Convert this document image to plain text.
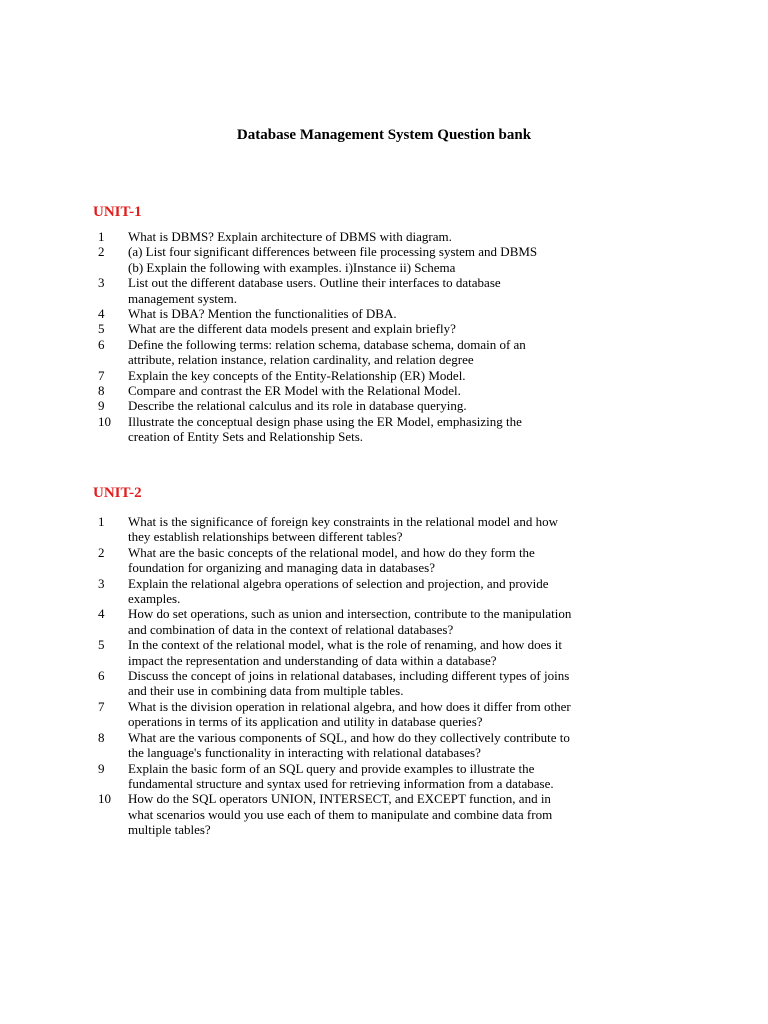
Database Management System Question bank
UNIT-1
1	What is DBMS? Explain architecture of DBMS with diagram.
2	(a) List four significant differences between file processing system and DBMS
(b) Explain the following with examples. i)Instance ii) Schema
3	List out the different database users. Outline their interfaces to database
management system.
4	What is DBA? Mention the functionalities of DBA.
5	What are the different data models present and explain briefly?
6	Define the following terms: relation schema, database schema, domain of an
attribute, relation instance, relation cardinality, and relation degree
7	Explain the key concepts of the Entity-Relationship (ER) Model.
8	Compare and contrast the ER Model with the Relational Model.
9	Describe the relational calculus and its role in database querying.
10	Illustrate the conceptual design phase using the ER Model, emphasizing the
creation of Entity Sets and Relationship Sets.
UNIT-2
1	What is the significance of foreign key constraints in the relational model and how
they establish relationships between different tables?
2	What are the basic concepts of the relational model, and how do they form the
foundation for organizing and managing data in databases?
3	Explain the relational algebra operations of selection and projection, and provide
examples.
4	How do set operations, such as union and intersection, contribute to the manipulation
and combination of data in the context of relational databases?
5	In the context of the relational model, what is the role of renaming, and how does it
impact the representation and understanding of data within a database?
6	Discuss the concept of joins in relational databases, including different types of joins
and their use in combining data from multiple tables.
7	What is the division operation in relational algebra, and how does it differ from other
operations in terms of its application and utility in database queries?
8	What are the various components of SQL, and how do they collectively contribute to
the language's functionality in interacting with relational databases?
9	Explain the basic form of an SQL query and provide examples to illustrate the
fundamental structure and syntax used for retrieving information from a database.
10	How do the SQL operators UNION, INTERSECT, and EXCEPT function, and in
what scenarios would you use each of them to manipulate and combine data from
multiple tables?
